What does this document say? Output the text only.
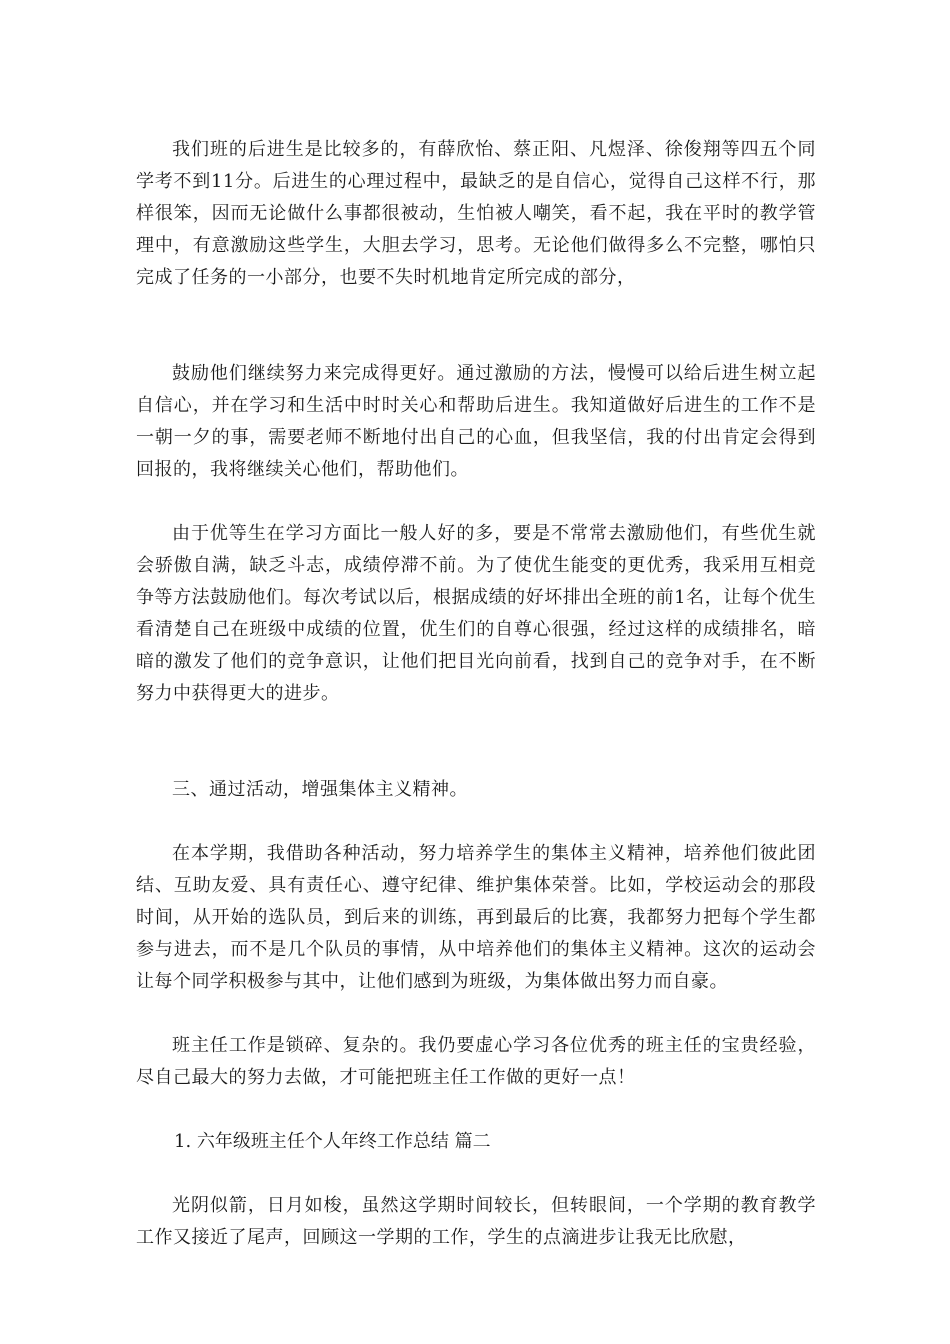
我们班的后进生是比较多的，有薛欣怡、蔡正阳、凡煜泽、徐俊翔等四五个同学考不到11分。后进生的心理过程中，最缺乏的是自信心，觉得自己这样不行，那样很笨，因而无论做什么事都很被动，生怕被人嘲笑，看不起，我在平时的教学管理中，有意激励这些学生，大胆去学习，思考。无论他们做得多么不完整，哪怕只完成了任务的一小部分，也要不失时机地肯定所完成的部分，

鼓励他们继续努力来完成得更好。通过激励的方法，慢慢可以给后进生树立起自信心，并在学习和生活中时时关心和帮助后进生。我知道做好后进生的工作不是一朝一夕的事，需要老师不断地付出自己的心血，但我坚信，我的付出肯定会得到回报的，我将继续关心他们，帮助他们。

由于优等生在学习方面比一般人好的多，要是不常常去激励他们，有些优生就会骄傲自满，缺乏斗志，成绩停滞不前。为了使优生能变的更优秀，我采用互相竞争等方法鼓励他们。每次考试以后，根据成绩的好坏排出全班的前1名，让每个优生看清楚自己在班级中成绩的位置，优生们的自尊心很强，经过这样的成绩排名，暗暗的激发了他们的竞争意识，让他们把目光向前看，找到自己的竞争对手，在不断努力中获得更大的进步。

三、通过活动，增强集体主义精神。

在本学期，我借助各种活动，努力培养学生的集体主义精神，培养他们彼此团结、互助友爱、具有责任心、遵守纪律、维护集体荣誉。比如，学校运动会的那段时间，从开始的选队员，到后来的训练，再到最后的比赛，我都努力把每个学生都参与进去，而不是几个队员的事情，从中培养他们的集体主义精神。这次的运动会让每个同学积极参与其中，让他们感到为班级，为集体做出努力而自豪。

班主任工作是锁碎、复杂的。我仍要虚心学习各位优秀的班主任的宝贵经验，尽自己最大的努力去做，才可能把班主任工作做的更好一点！

1. 六年级班主任个人年终工作总结 篇二

光阴似箭，日月如梭，虽然这学期时间较长，但转眼间，一个学期的教育教学工作又接近了尾声，回顾这一学期的工作，学生的点滴进步让我无比欣慰，
